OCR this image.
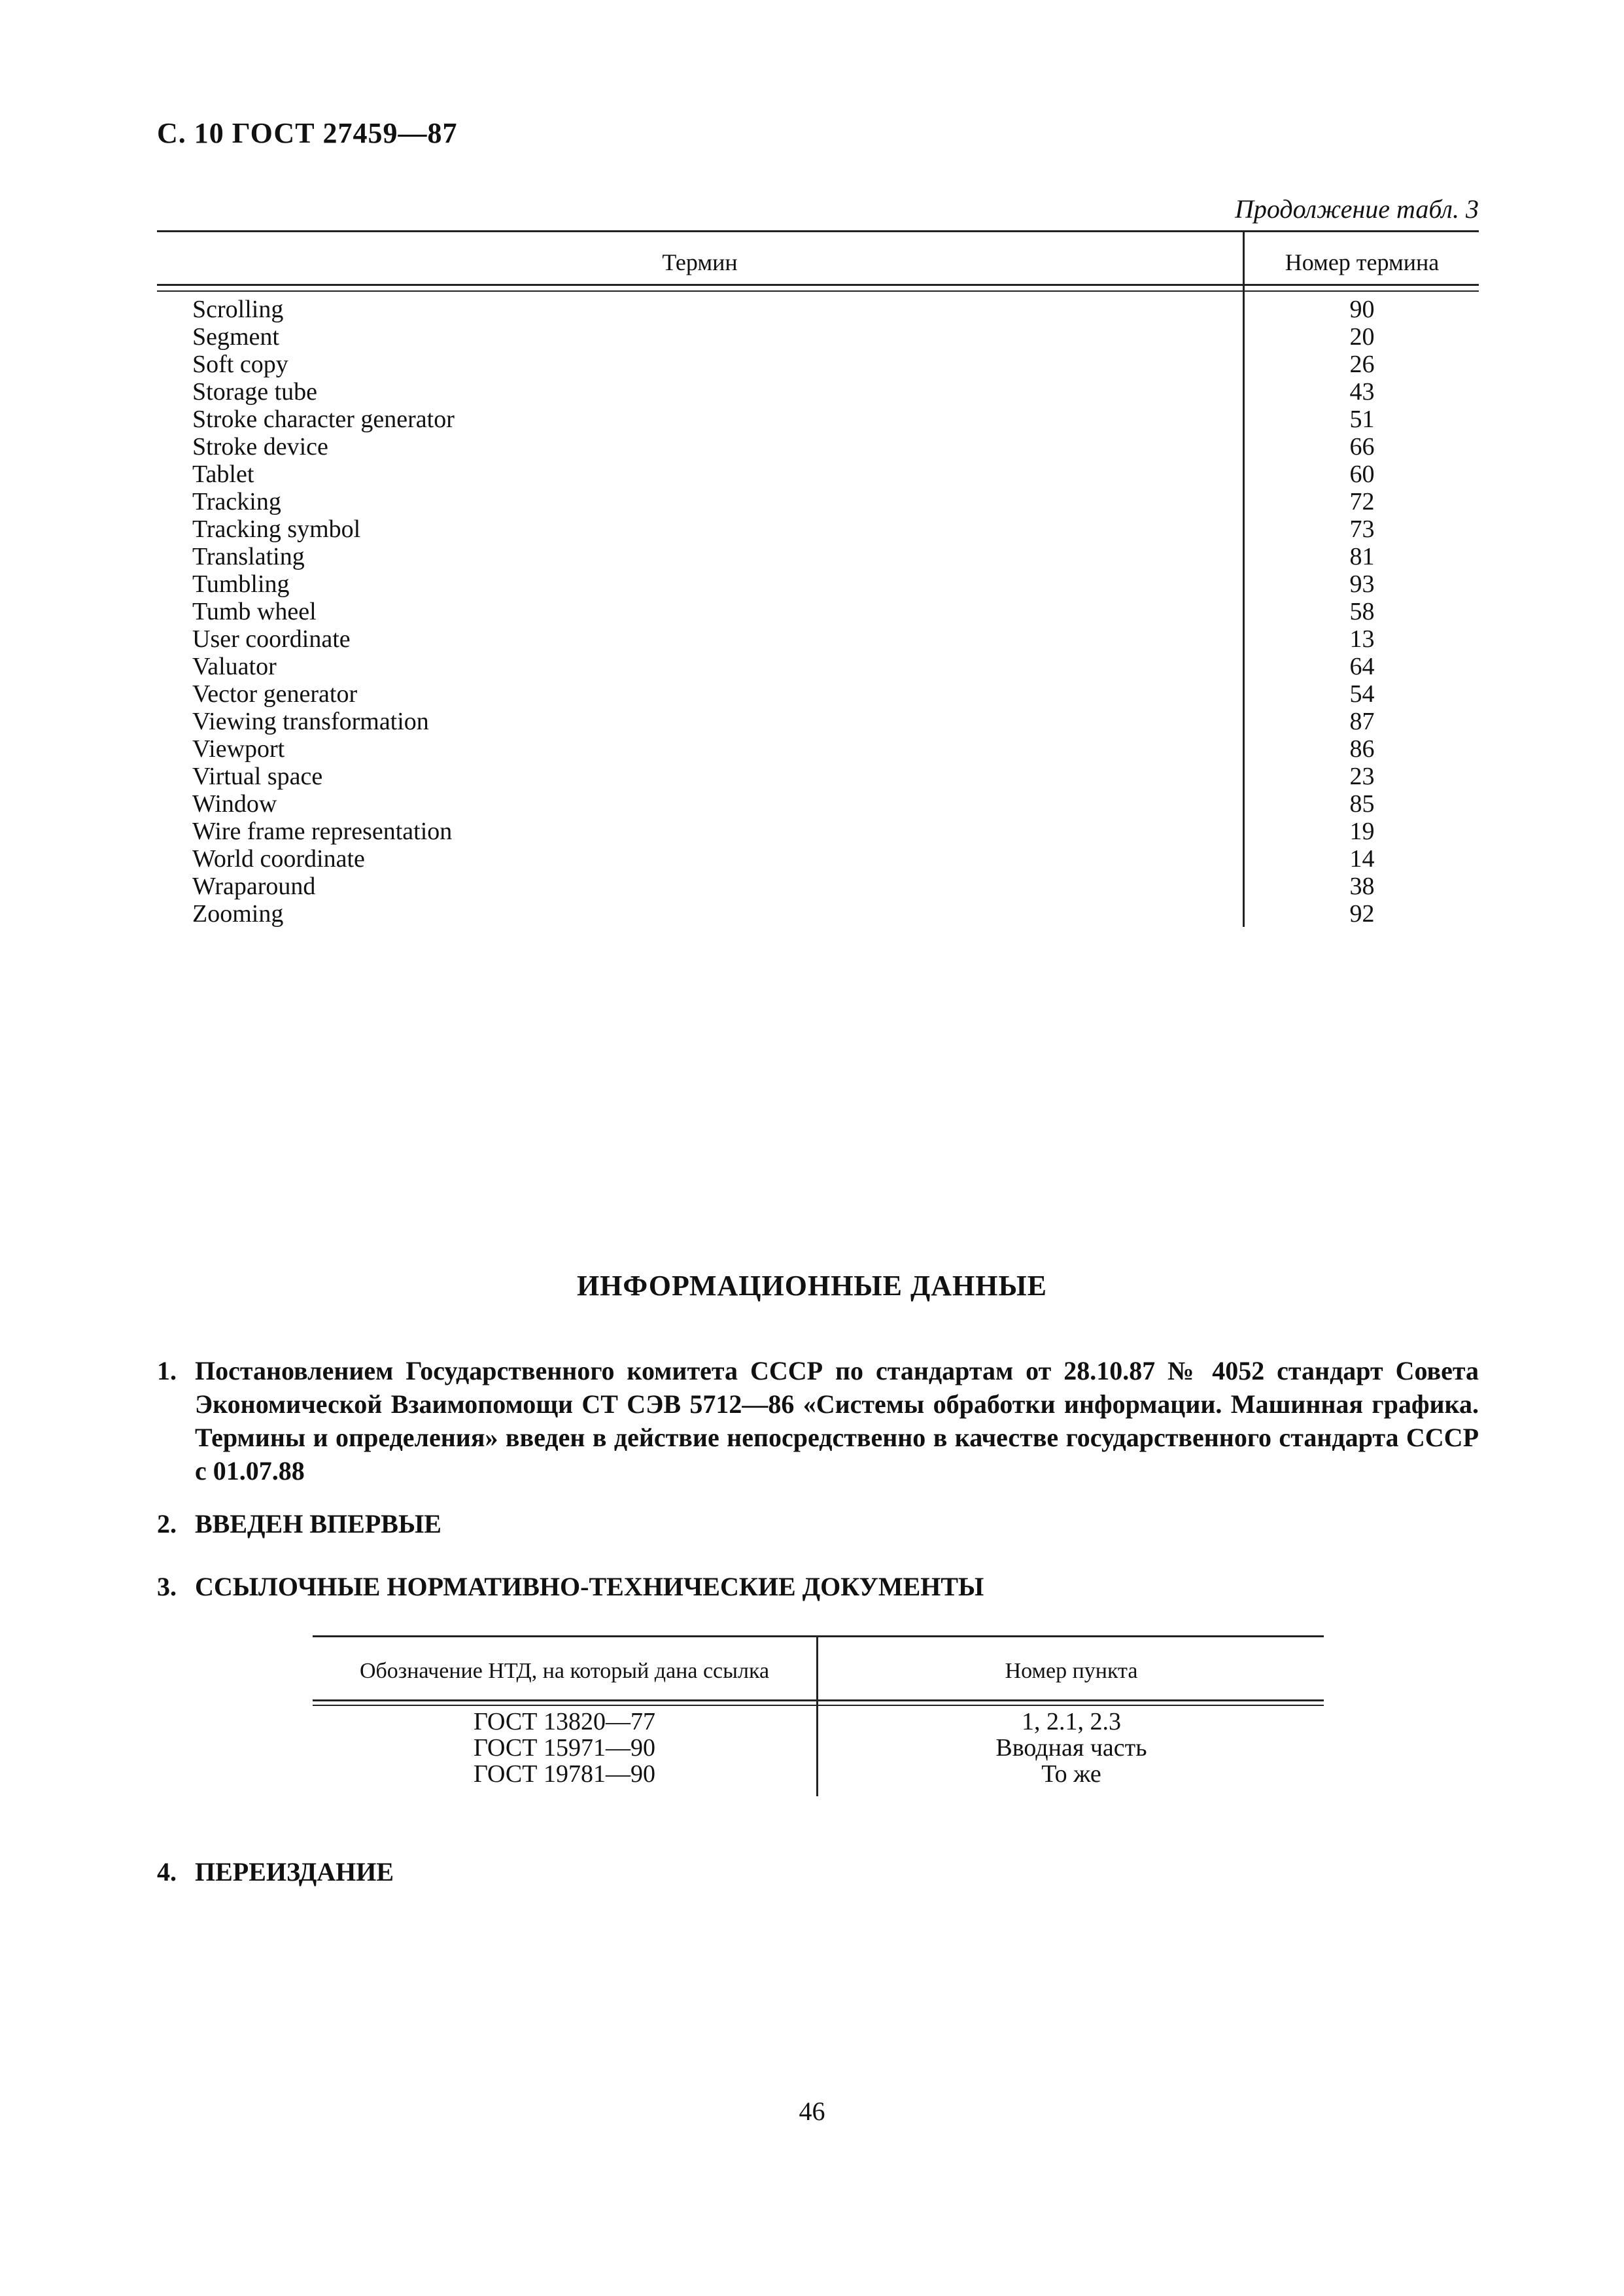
С. 10 ГОСТ 27459—87
Продолжение табл. 3
Термин	Номер термина
Scrolling	90
Segment	20
Soft copy	26
Storage tube	43
Stroke character generator	51
Stroke device	66
Tablet	60
Tracking	72
Tracking symbol	73
Translating	81
Tumbling	93
Tumb wheel	58
User coordinate	13
Valuator	64
Vector generator	54
Viewing transformation	87
Viewport	86
Virtual space	23
Window	85
Wire frame representation	19
World coordinate	14
Wraparound	38
Zooming	92
ИНФОРМАЦИОННЫЕ ДАННЫЕ
1. Постановлением Государственного комитета СССР по стандартам от 28.10.87 № 4052 стандарт Совета Экономической Взаимопомощи СТ СЭВ 5712—86 «Системы обработки информации. Машинная графика. Термины и определения» введен в действие непосредственно в качестве государственного стандарта СССР с 01.07.88
2. ВВЕДЕН ВПЕРВЫЕ
3. ССЫЛОЧНЫЕ НОРМАТИВНО-ТЕХНИЧЕСКИЕ ДОКУМЕНТЫ
Обозначение НТД, на который дана ссылка	Номер пункта
ГОСТ 13820—77	1, 2.1, 2.3
ГОСТ 15971—90	Вводная часть
ГОСТ 19781—90	То же
4. ПЕРЕИЗДАНИЕ
46
